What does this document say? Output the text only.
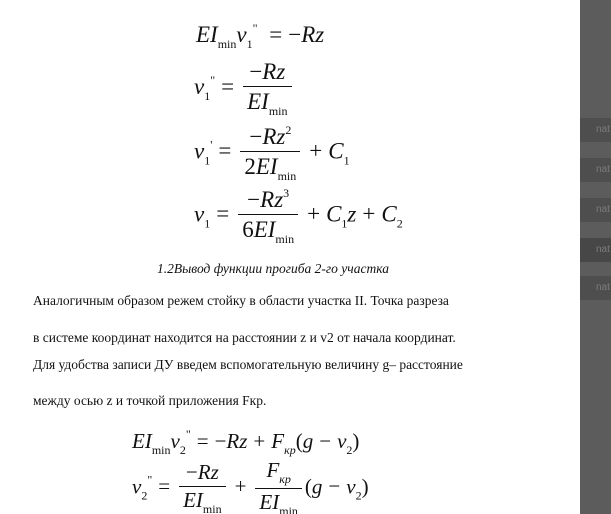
$EI_{min}v_1^" = -Rz$
$v_1^" = \frac{-Rz}{EI_{min}}$
$v_1' = \frac{-Rz^2}{2EI_{min}} + C_1$
$v_1 = \frac{-Rz^3}{6EI_{min}} + C_1z + C_2$
1.2Вывод функции прогиба 2-го участка
Аналогичным образом режем стойку в области участка II. Точка разреза
в системе координат находится на расстоянии z и v2 от начала координат.
Для удобства записи ДУ введем вспомогательную величину g– расстояние
между осью z и точкой приложения Fкр.
$EI_{min}v_2^" = -Rz + F_{кр}(g - v_2)$
$v_2^" = \frac{-Rz}{EI_{min}} + \frac{F_{кр}}{EI_{min}} (g - v_2)$
nat
nat
nat
nat
nat
